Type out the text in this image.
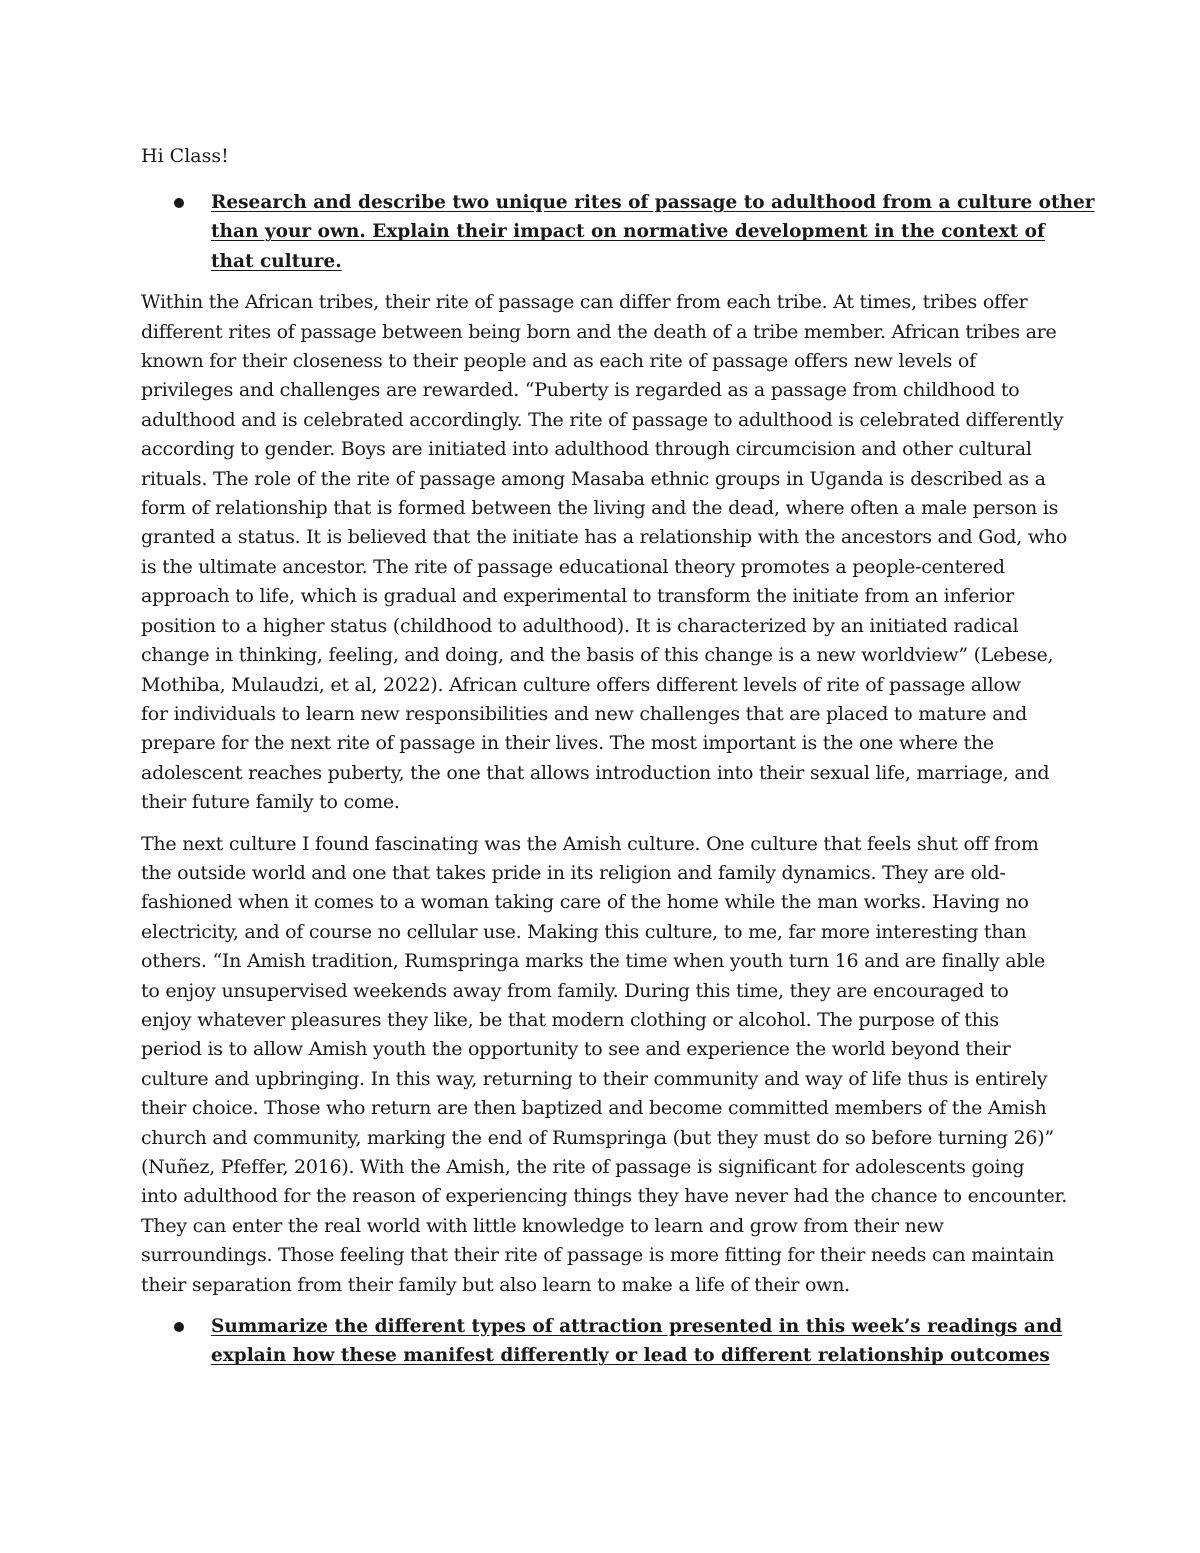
Hi Class!

Research and describe two unique rites of passage to adulthood from a culture other
than your own. Explain their impact on normative development in the context of
that culture.
Within the African tribes, their rite of passage can differ from each tribe. At times, tribes offer
different rites of passage between being born and the death of a tribe member. African tribes are
known for their closeness to their people and as each rite of passage offers new levels of
privileges and challenges are rewarded. “Puberty is regarded as a passage from childhood to
adulthood and is celebrated accordingly. The rite of passage to adulthood is celebrated differently
according to gender. Boys are initiated into adulthood through circumcision and other cultural
rituals. The role of the rite of passage among Masaba ethnic groups in Uganda is described as a
form of relationship that is formed between the living and the dead, where often a male person is
granted a status. It is believed that the initiate has a relationship with the ancestors and God, who
is the ultimate ancestor. The rite of passage educational theory promotes a people-centered
approach to life, which is gradual and experimental to transform the initiate from an inferior
position to a higher status (childhood to adulthood). It is characterized by an initiated radical
change in thinking, feeling, and doing, and the basis of this change is a new worldview” (Lebese,
Mothiba, Mulaudzi, et al, 2022). African culture offers different levels of rite of passage allow
for individuals to learn new responsibilities and new challenges that are placed to mature and
prepare for the next rite of passage in their lives. The most important is the one where the
adolescent reaches puberty, the one that allows introduction into their sexual life, marriage, and
their future family to come.
The next culture I found fascinating was the Amish culture. One culture that feels shut off from
the outside world and one that takes pride in its religion and family dynamics. They are old-
fashioned when it comes to a woman taking care of the home while the man works. Having no
electricity, and of course no cellular use. Making this culture, to me, far more interesting than
others. “In Amish tradition, Rumspringa marks the time when youth turn 16 and are finally able
to enjoy unsupervised weekends away from family. During this time, they are encouraged to
enjoy whatever pleasures they like, be that modern clothing or alcohol. The purpose of this
period is to allow Amish youth the opportunity to see and experience the world beyond their
culture and upbringing. In this way, returning to their community and way of life thus is entirely
their choice. Those who return are then baptized and become committed members of the Amish
church and community, marking the end of Rumspringa (but they must do so before turning 26)”
(Nuñez, Pfeffer, 2016). With the Amish, the rite of passage is significant for adolescents going
into adulthood for the reason of experiencing things they have never had the chance to encounter.
They can enter the real world with little knowledge to learn and grow from their new
surroundings. Those feeling that their rite of passage is more fitting for their needs can maintain
their separation from their family but also learn to make a life of their own.
Summarize the different types of attraction presented in this week’s readings and
explain how these manifest differently or lead to different relationship outcomes
